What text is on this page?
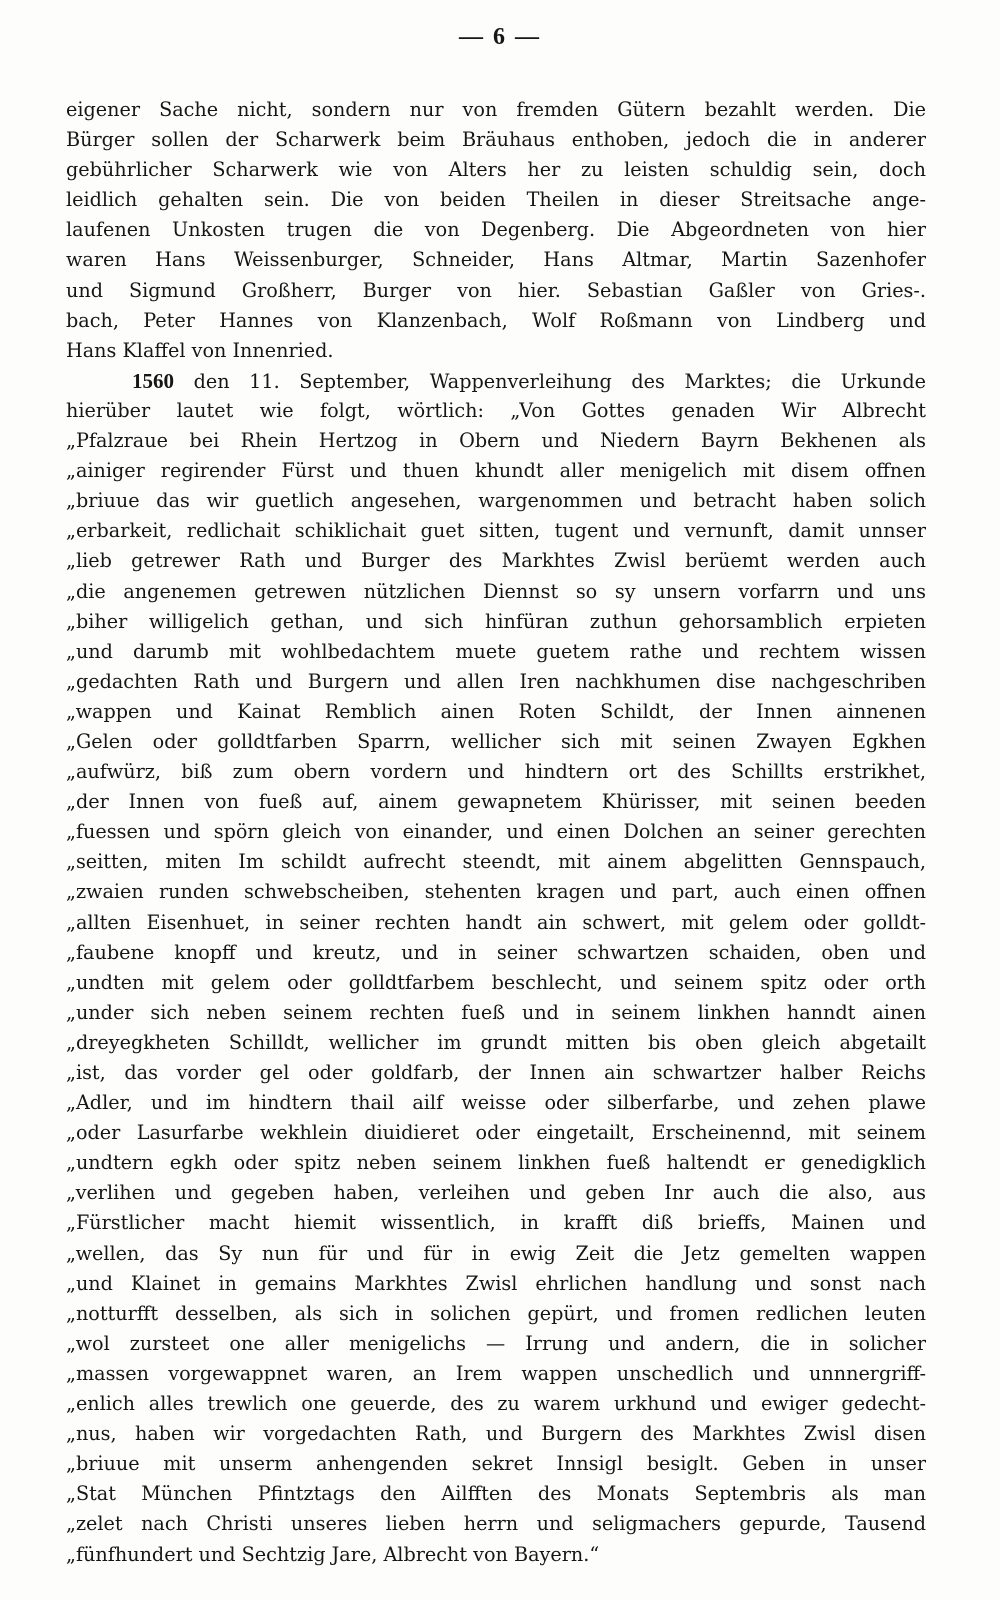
— 6 —
eigener Sache nicht, sondern nur von fremden Gütern bezahlt werden. Die
Bürger sollen der Scharwerk beim Bräuhaus enthoben, jedoch die in anderer
gebührlicher Scharwerk wie von Alters her zu leisten schuldig sein, doch
leidlich gehalten sein. Die von beiden Theilen in dieser Streitsache ange-
laufenen Unkosten trugen die von Degenberg. Die Abgeordneten von hier
waren Hans Weissenburger, Schneider, Hans Altmar, Martin Sazenhofer
und Sigmund Großherr, Burger von hier. Sebastian Gaßler von Gries-.
bach, Peter Hannes von Klanzenbach, Wolf Roßmann von Lindberg und
Hans Klaffel von Innenried.
1560 den 11. September, Wappenverleihung des Marktes; die Urkunde
hierüber lautet wie folgt, wörtlich: „Von Gottes genaden Wir Albrecht
„Pfalzraue bei Rhein Hertzog in Obern und Niedern Bayrn Bekhenen als
„ainiger regirender Fürst und thuen khundt aller menigelich mit disem offnen
„briuue das wir guetlich angesehen, wargenommen und betracht haben solich
„erbarkeit, redlichait schiklichait guet sitten, tugent und vernunft, damit unnser
„lieb getrewer Rath und Burger des Markhtes Zwisl berüemt werden auch
„die angenemen getrewen nützlichen Diennst so sy unsern vorfarrn und uns
„biher willigelich gethan, und sich hinfüran zuthun gehorsamblich erpieten
„und darumb mit wohlbedachtem muete guetem rathe und rechtem wissen
„gedachten Rath und Burgern und allen Iren nachkhumen dise nachgeschriben
„wappen und Kainat Remblich ainen Roten Schildt, der Innen ainnenen
„Gelen oder golldtfarben Sparrn, wellicher sich mit seinen Zwayen Egkhen
„aufwürz, biß zum obern vordern und hindtern ort des Schillts erstrikhet,
„der Innen von fueß auf, ainem gewapnetem Khürisser, mit seinen beeden
„fuessen und spörn gleich von einander, und einen Dolchen an seiner gerechten
„seitten, miten Im schildt aufrecht steendt, mit ainem abgelitten Gennspauch,
„zwaien runden schwebscheiben, stehenten kragen und part, auch einen offnen
„allten Eisenhuet, in seiner rechten handt ain schwert, mit gelem oder golldt-
„faubene knopff und kreutz, und in seiner schwartzen schaiden, oben und
„undten mit gelem oder golldtfarbem beschlecht, und seinem spitz oder orth
„under sich neben seinem rechten fueß und in seinem linkhen hanndt ainen
„dreyegkheten Schilldt, wellicher im grundt mitten bis oben gleich abgetailt
„ist, das vorder gel oder goldfarb, der Innen ain schwartzer halber Reichs
„Adler, und im hindtern thail ailf weisse oder silberfarbe, und zehen plawe
„oder Lasurfarbe wekhlein diuidieret oder eingetailt, Erscheinennd, mit seinem
„undtern egkh oder spitz neben seinem linkhen fueß haltendt er genedigklich
„verlihen und gegeben haben, verleihen und geben Inr auch die also, aus
„Fürstlicher macht hiemit wissentlich, in krafft diß brieffs, Mainen und
„wellen, das Sy nun für und für in ewig Zeit die Jetz gemelten wappen
„und Klainet in gemains Markhtes Zwisl ehrlichen handlung und sonst nach
„notturfft desselben, als sich in solichen gepürt, und fromen redlichen leuten
„wol zursteet one aller menigelichs — Irrung und andern, die in solicher
„massen vorgewappnet waren, an Irem wappen unschedlich und unnnergriff-
„enlich alles trewlich one geuerde, des zu warem urkhund und ewiger gedecht-
„nus, haben wir vorgedachten Rath, und Burgern des Markhtes Zwisl disen
„briuue mit unserm anhengenden sekret Innsigl besiglt. Geben in unser
„Stat München Pfintztags den Ailfften des Monats Septembris als man
„zelet nach Christi unseres lieben herrn und seligmachers gepurde, Tausend
„fünfhundert und Sechtzig Jare, Albrecht von Bayern.“
